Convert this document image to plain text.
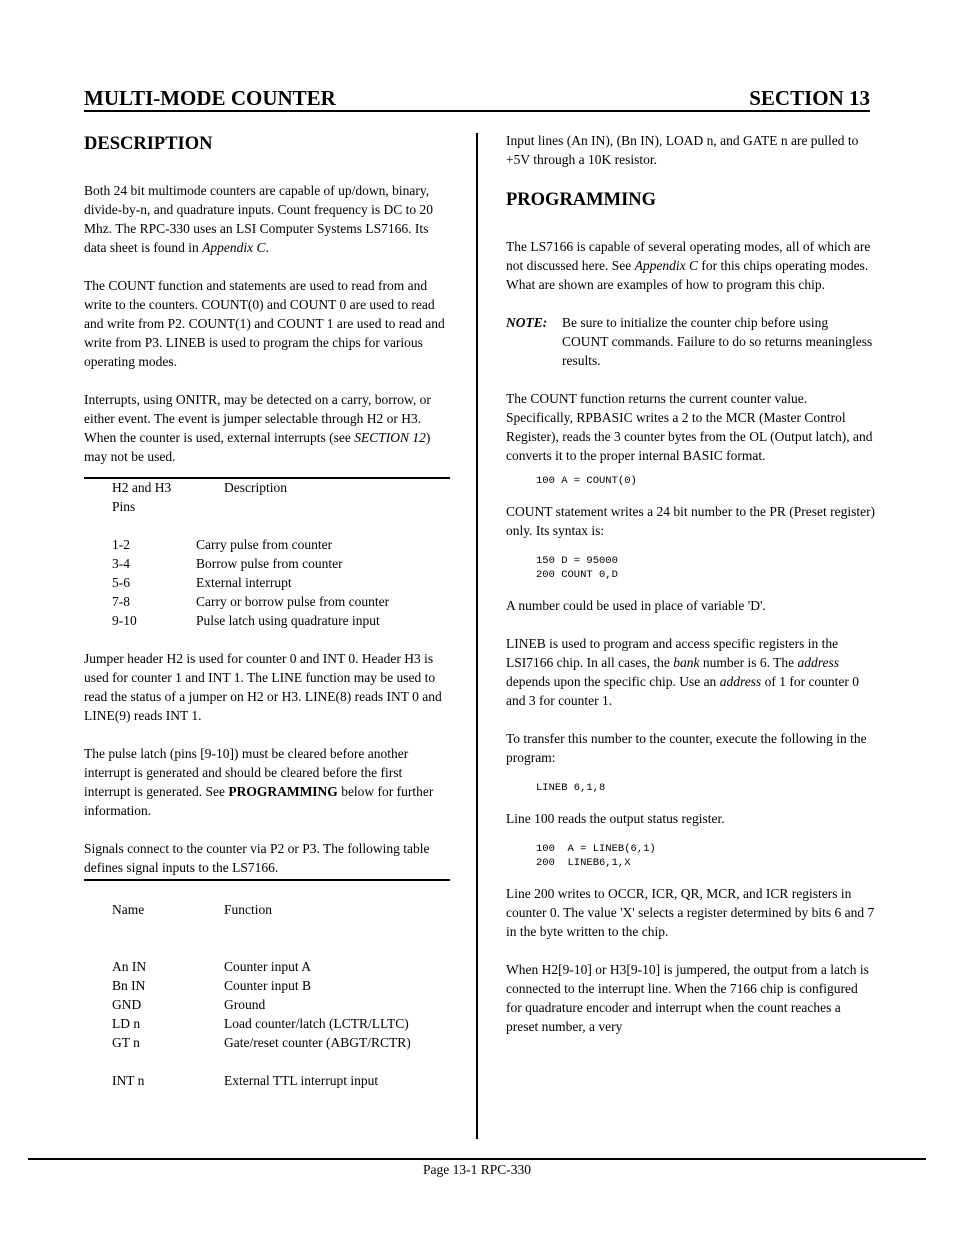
MULTI-MODE COUNTER	SECTION 13
DESCRIPTION

Both 24 bit multimode counters are capable of up/down, binary, divide-by-n, and quadrature inputs. Count frequency is DC to 20 Mhz. The RPC-330 uses an LSI Computer Systems LS7166. Its data sheet is found in Appendix C.

The COUNT function and statements are used to read from and write to the counters. COUNT(0) and COUNT 0 are used to read and write from P2. COUNT(1) and COUNT 1 are used to read and write from P3. LINEB is used to program the chips for various operating modes.

Interrupts, using ONITR, may be detected on a carry, borrow, or either event. The event is jumper selectable through H2 or H3. When the counter is used, external interrupts (see SECTION 12) may not be used.

H2 and H3	Description
Pins
1-2	Carry pulse from counter
3-4	Borrow pulse from counter
5-6	External interrupt
7-8	Carry or borrow pulse from counter
9-10	Pulse latch using quadrature input

Jumper header H2 is used for counter 0 and INT 0. Header H3 is used for counter 1 and INT 1. The LINE function may be used to read the status of a jumper on H2 or H3. LINE(8) reads INT 0 and LINE(9) reads INT 1.

The pulse latch (pins [9-10]) must be cleared before another interrupt is generated and should be cleared before the first interrupt is generated. See PROGRAMMING below for further information.

Signals connect to the counter via P2 or P3. The following table defines signal inputs to the LS7166.

Name	Function
An IN	Counter input A
Bn IN	Counter input B
GND	Ground
LD n	Load counter/latch (LCTR/LLTC)
GT n	Gate/reset counter (ABGT/RCTR)
INT n	External TTL interrupt input

Input lines (An IN), (Bn IN), LOAD n, and GATE n are pulled to +5V through a 10K resistor.

PROGRAMMING

The LS7166 is capable of several operating modes, all of which are not discussed here. See Appendix C for this chips operating modes. What are shown are examples of how to program this chip.

NOTE:	Be sure to initialize the counter chip before using COUNT commands. Failure to do so returns meaningless results.

The COUNT function returns the current counter value. Specifically, RPBASIC writes a 2 to the MCR (Master Control Register), reads the 3 counter bytes from the OL (Output latch), and converts it to the proper internal BASIC format.

100 A = COUNT(0)

COUNT statement writes a 24 bit number to the PR (Preset register) only. Its syntax is:

150 D = 95000
200 COUNT 0,D

A number could be used in place of variable 'D'.

LINEB is used to program and access specific registers in the LSI7166 chip. In all cases, the bank number is 6. The address depends upon the specific chip. Use an address of 1 for counter 0 and 3 for counter 1.

To transfer this number to the counter, execute the following in the program:

LINEB 6,1,8

Line 100 reads the output status register.

100  A = LINEB(6,1)
200  LINEB6,1,X

Line 200 writes to OCCR, ICR, QR, MCR, and ICR registers in counter 0. The value 'X' selects a register determined by bits 6 and 7 in the byte written to the chip.

When H2[9-10] or H3[9-10] is jumpered, the output from a latch is connected to the interrupt line. When the 7166 chip is configured for quadrature encoder and interrupt when the count reaches a preset number, a very

Page 13-1 RPC-330
